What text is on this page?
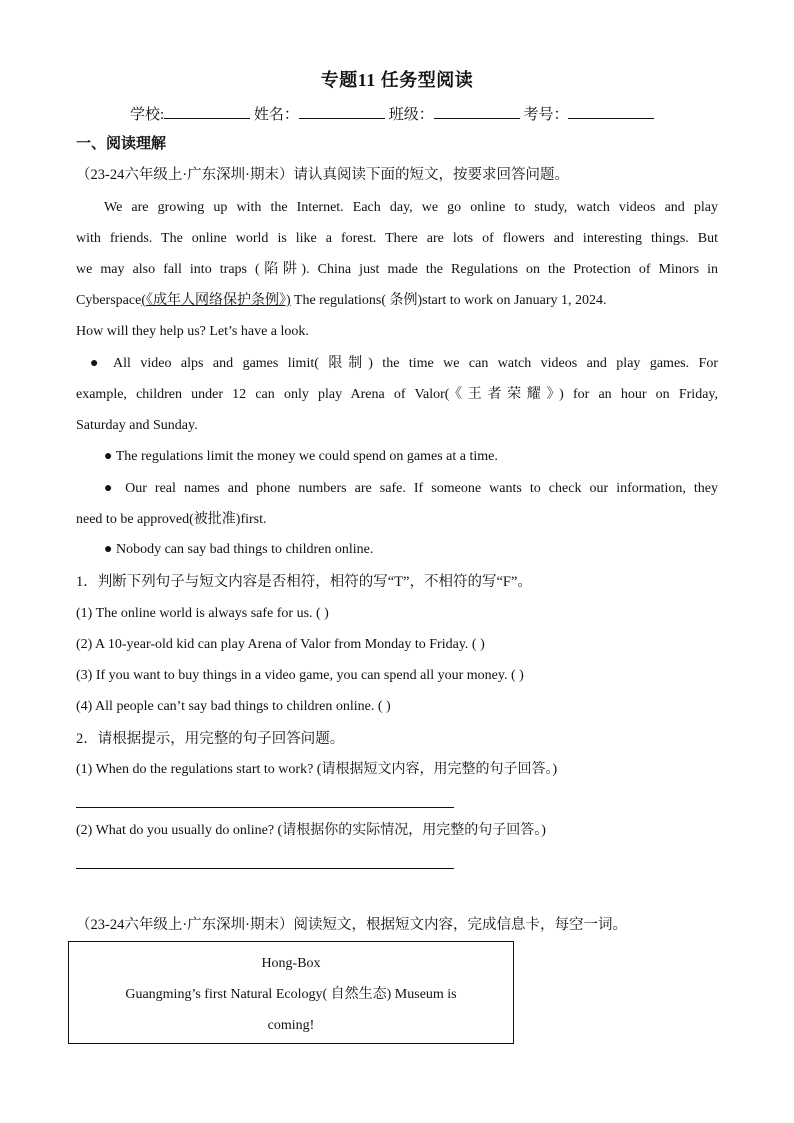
专题11 任务型阅读
学校:	姓名：	班级：	考号：
一、阅读理解
（23-24六年级上·广东深圳·期末）请认真阅读下面的短文，按要求回答问题。
We are growing up with the Internet. Each day, we go online to study, watch videos and play
with friends. The online world is like a forest. There are lots of flowers and interesting things. But
we may also fall into traps (陷阱). China just made the Regulations on the Protection of Minors in
Cyberspace(《成年人网络保护条例》) The regulations( 条例)start to work on January 1, 2024.
How will they help us? Let’s have a look.
● All video alps and games limit( 限制) the time we can watch videos and play games. For
example, children under 12 can only play Arena of Valor(《王者荣耀》) for an hour on Friday,
Saturday and Sunday.
● The regulations limit the money we could spend on games at a time.
● Our real names and phone numbers are safe. If someone wants to check our information, they
need to be approved(被批准)first.
● Nobody can say bad things to children online.
1．判断下列句子与短文内容是否相符，相符的写“T”，不相符的写“F”。
(1) The online world is always safe for us. ( )
(2) A 10-year-old kid can play Arena of Valor from Monday to Friday. ( )
(3) If you want to buy things in a video game, you can spend all your money. ( )
(4) All people can’t say bad things to children online. ( )
2．请根据提示，用完整的句子回答问题。
(1) When do the regulations start to work? (请根据短文内容，用完整的句子回答。)
(2) What do you usually do online? (请根据你的实际情况，用完整的句子回答。)
（23-24六年级上·广东深圳·期末）阅读短文，根据短文内容，完成信息卡，每空一词。
Hong-Box
Guangming’s first Natural Ecology( 自然生态) Museum is
coming!
